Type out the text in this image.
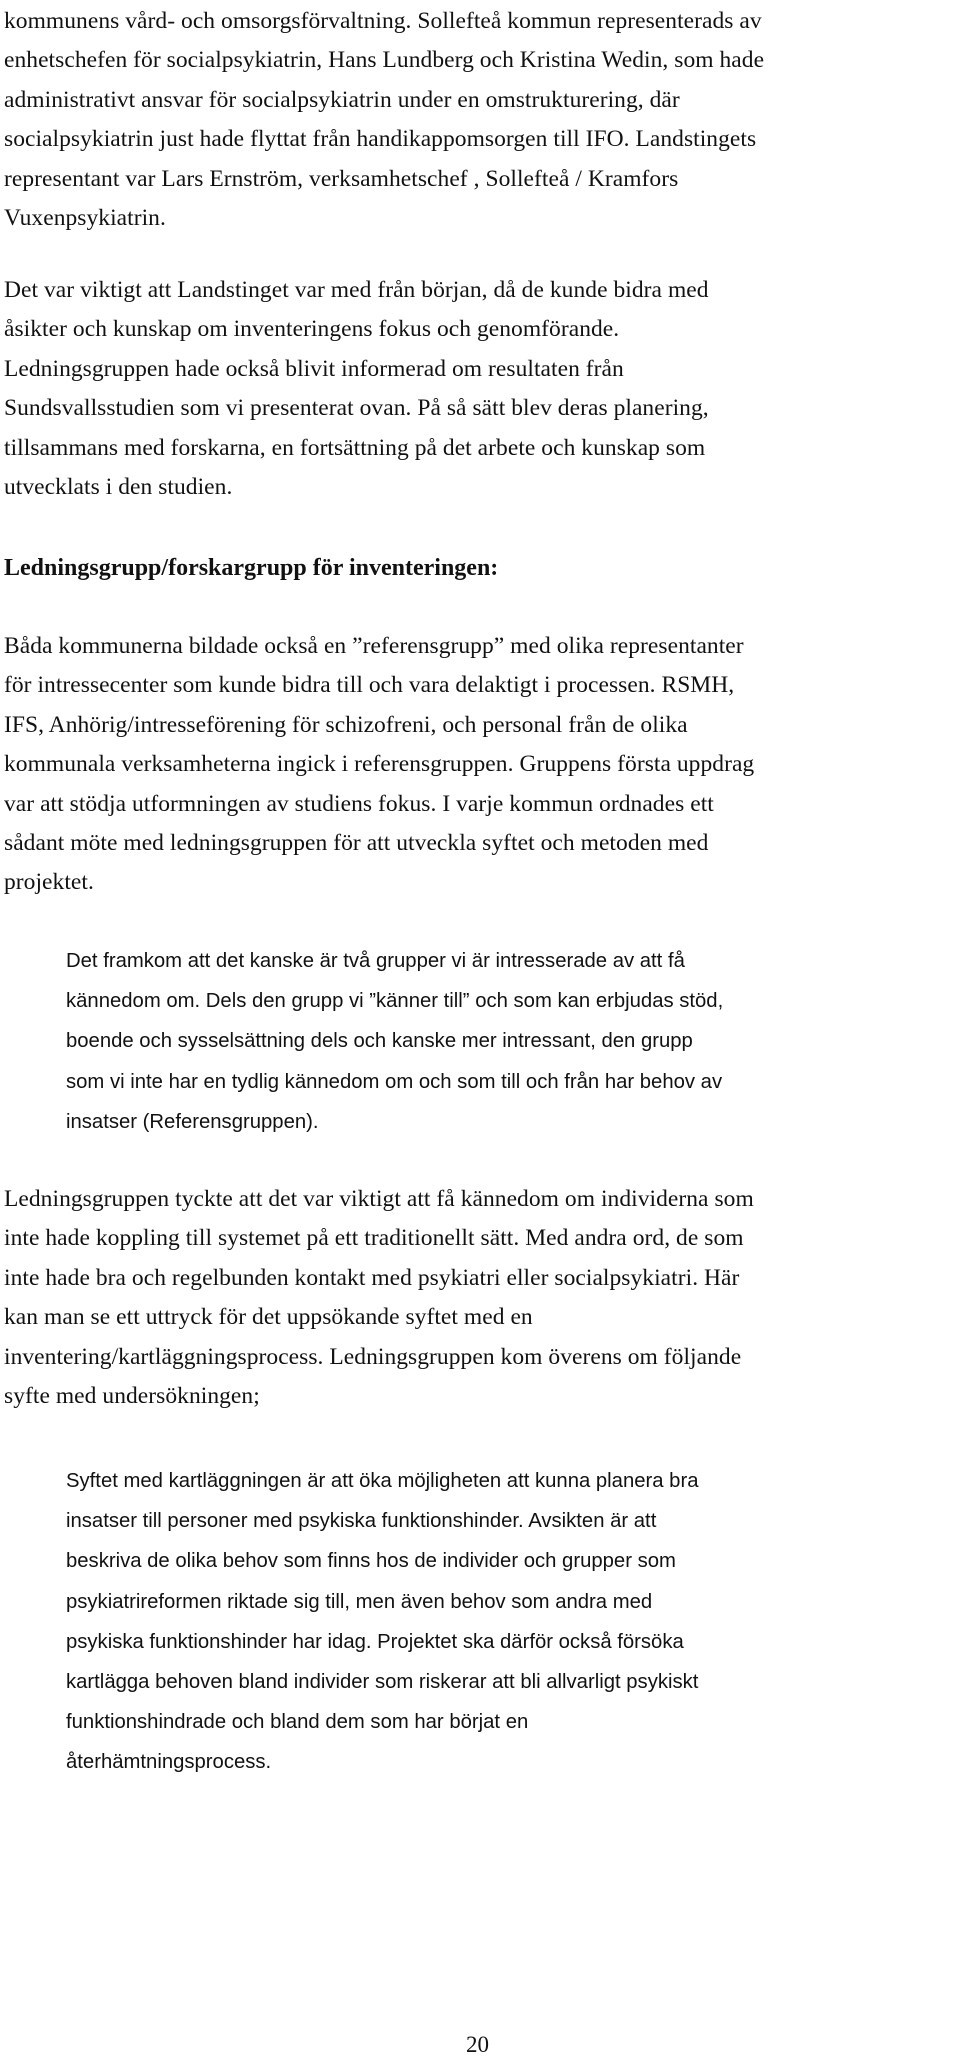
kommunens vård- och omsorgsförvaltning. Sollefteå kommun representerads av
enhetschefen för socialpsykiatrin, Hans Lundberg och Kristina Wedin, som hade
administrativt ansvar för socialpsykiatrin under en omstrukturering, där
socialpsykiatrin just hade flyttat från handikappomsorgen till IFO. Landstingets
representant var Lars Ernström, verksamhetschef , Sollefteå / Kramfors
Vuxenpsykiatrin.

Det var viktigt att Landstinget var med från början, då de kunde bidra med
åsikter och kunskap om inventeringens fokus och genomförande.
Ledningsgruppen hade också blivit informerad om resultaten från
Sundsvallsstudien som vi presenterat ovan. På så sätt blev deras planering,
tillsammans med forskarna, en fortsättning på det arbete och kunskap som
utvecklats i den studien.

Ledningsgrupp/forskargrupp för inventeringen:

Båda kommunerna bildade också en ”referensgrupp” med olika representanter
för intressecenter som kunde bidra till och vara delaktigt i processen. RSMH,
IFS, Anhörig/intresseförening för schizofreni, och personal från de olika
kommunala verksamheterna ingick i referensgruppen. Gruppens första uppdrag
var att stödja utformningen av studiens fokus. I varje kommun ordnades ett
sådant möte med ledningsgruppen för att utveckla syftet och metoden med
projektet.

Det framkom att det kanske är två grupper vi är intresserade av att få
kännedom om. Dels den grupp vi ”känner till” och som kan erbjudas stöd,
boende och sysselsättning dels och kanske mer intressant, den grupp
som vi inte har en tydlig kännedom om och som till och från har behov av
insatser (Referensgruppen).

Ledningsgruppen tyckte att det var viktigt att få kännedom om individerna som
inte hade koppling till systemet på ett traditionellt sätt. Med andra ord, de som
inte hade bra och regelbunden kontakt med psykiatri eller socialpsykiatri. Här
kan man se ett uttryck för det uppsökande syftet med en
inventering/kartläggningsprocess. Ledningsgruppen kom överens om följande
syfte med undersökningen;

Syftet med kartläggningen är att öka möjligheten att kunna planera bra
insatser till personer med psykiska funktionshinder. Avsikten är att
beskriva de olika behov som finns hos de individer och grupper som
psykiatrireformen riktade sig till, men även behov som andra med
psykiska funktionshinder har idag. Projektet ska därför också försöka
kartlägga behoven bland individer som riskerar att bli allvarligt psykiskt
funktionshindrade och bland dem som har börjat en
återhämtningsprocess.
20
